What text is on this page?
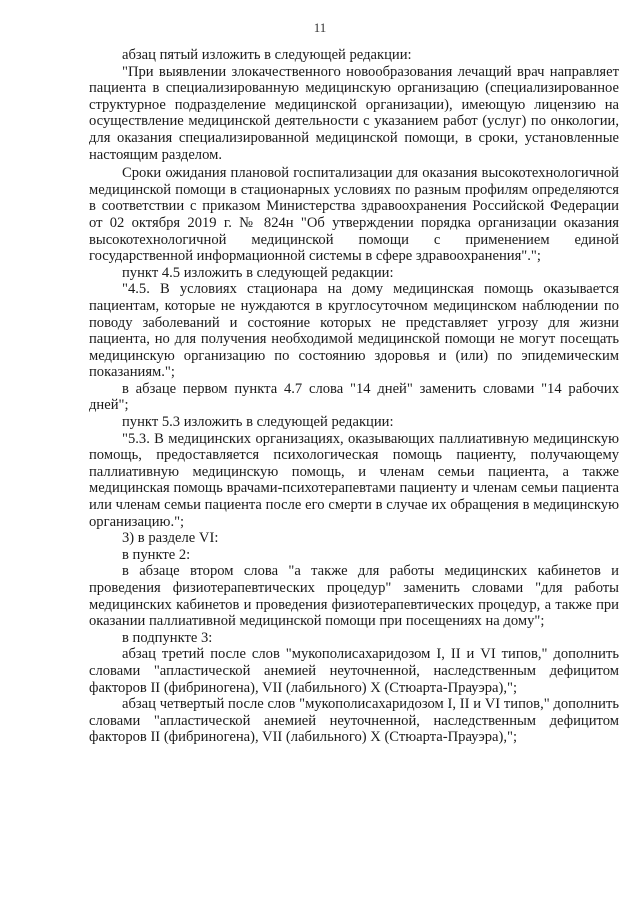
11

абзац пятый изложить в следующей редакции:

"При выявлении злокачественного новообразования лечащий врач направляет пациента в специализированную медицинскую организацию (специализированное структурное подразделение медицинской организации), имеющую лицензию на осуществление медицинской деятельности с указанием работ (услуг) по онкологии, для оказания специализированной медицинской помощи, в сроки, установленные настоящим разделом.

Сроки ожидания плановой госпитализации для оказания высокотехнологичной медицинской помощи в стационарных условиях по разным профилям определяются в соответствии с приказом Министерства здравоохранения Российской Федерации от 02 октября 2019 г. № 824н "Об утверждении порядка организации оказания высокотехнологичной медицинской помощи с применением единой государственной информационной системы в сфере здравоохранения".";

пункт 4.5 изложить в следующей редакции:

"4.5. В условиях стационара на дому медицинская помощь оказывается пациентам, которые не нуждаются в круглосуточном медицинском наблюдении по поводу заболеваний и состояние которых не представляет угрозу для жизни пациента, но для получения необходимой медицинской помощи не могут посещать медицинскую организацию по состоянию здоровья и (или) по эпидемическим показаниям.";

в абзаце первом пункта 4.7 слова "14 дней" заменить словами "14 рабочих дней";

пункт 5.3 изложить в следующей редакции:

"5.3. В медицинских организациях, оказывающих паллиативную медицинскую помощь, предоставляется психологическая помощь пациенту, получающему паллиативную медицинскую помощь, и членам семьи пациента, а также медицинская помощь врачами-психотерапевтами пациенту и членам семьи пациента или членам семьи пациента после его смерти в случае их обращения в медицинскую организацию.";

3) в разделе VI:

в пункте 2:

в абзаце втором слова "а также для работы медицинских кабинетов и проведения физиотерапевтических процедур" заменить словами "для работы медицинских кабинетов и проведения физиотерапевтических процедур, а также при оказании паллиативной медицинской помощи при посещениях на дому";

в подпункте 3:

абзац третий после слов "мукополисахаридозом I, II и VI типов," дополнить словами "апластической анемией неуточненной, наследственным дефицитом факторов II (фибриногена), VII (лабильного) X (Стюарта-Прауэра),";

абзац четвертый после слов "мукополисахаридозом I, II и VI типов," дополнить словами "апластической анемией неуточненной, наследственным дефицитом факторов II (фибриногена), VII (лабильного) X (Стюарта-Прауэра),";
